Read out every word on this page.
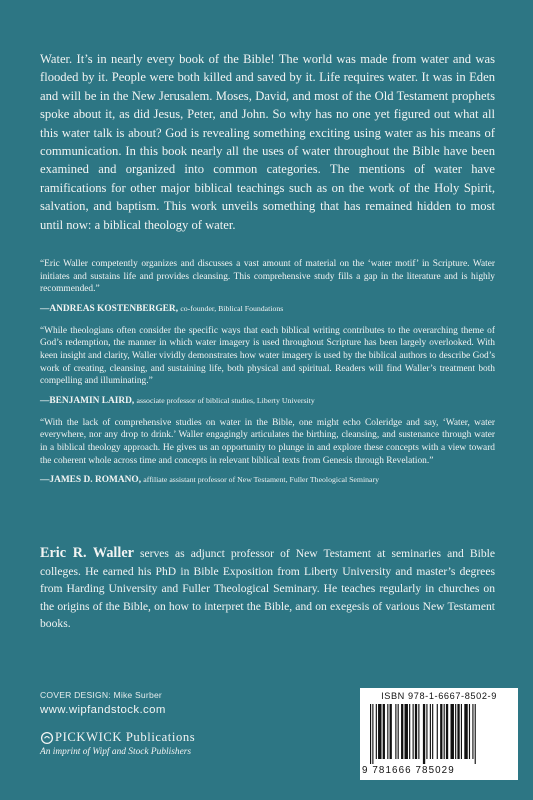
Water. It’s in nearly every book of the Bible! The world was made from water and was flooded by it. People were both killed and saved by it. Life requires water. It was in Eden and will be in the New Jerusalem. Moses, David, and most of the Old Testament prophets spoke about it, as did Jesus, Peter, and John. So why has no one yet figured out what all this water talk is about? God is revealing something exciting using water as his means of communication. In this book nearly all the uses of water throughout the Bible have been examined and organized into common categories. The mentions of water have ramifications for other major biblical teachings such as on the work of the Holy Spirit, salvation, and baptism. This work unveils something that has remained hidden to most until now: a biblical theology of water.

“Eric Waller competently organizes and discusses a vast amount of material on the ‘water motif’ in Scripture. Water initiates and sustains life and provides cleansing. This comprehensive study fills a gap in the literature and is highly recommended.”

—ANDREAS KOSTENBERGER, co-founder, Biblical Foundations

“While theologians often consider the specific ways that each biblical writing contributes to the overarching theme of God’s redemption, the manner in which water imagery is used throughout Scripture has been largely overlooked. With keen insight and clarity, Waller vividly demonstrates how water imagery is used by the biblical authors to describe God’s work of creating, cleansing, and sustaining life, both physical and spiritual. Readers will find Waller’s treatment both compelling and illuminating.”

—BENJAMIN LAIRD, associate professor of biblical studies, Liberty University

“With the lack of comprehensive studies on water in the Bible, one might echo Coleridge and say, ‘Water, water everywhere, nor any drop to drink.’ Waller engagingly articulates the birthing, cleansing, and sustenance through water in a biblical theology approach. He gives us an opportunity to plunge in and explore these concepts with a view toward the coherent whole across time and concepts in relevant biblical texts from Genesis through Revelation.”

—JAMES D. ROMANO, affiliate assistant professor of New Testament, Fuller Theological Seminary

Eric R. Waller serves as adjunct professor of New Testament at seminaries and Bible colleges. He earned his PhD in Bible Exposition from Liberty University and master’s degrees from Harding University and Fuller Theological Seminary. He teaches regularly in churches on the origins of the Bible, on how to interpret the Bible, and on exegesis of various New Testament books.

COVER DESIGN: Mike Surber
www.wipfandstock.com
PICKWICK Publications
An imprint of Wipf and Stock Publishers
ISBN 978-1-6667-8502-9
9 781666 785029
